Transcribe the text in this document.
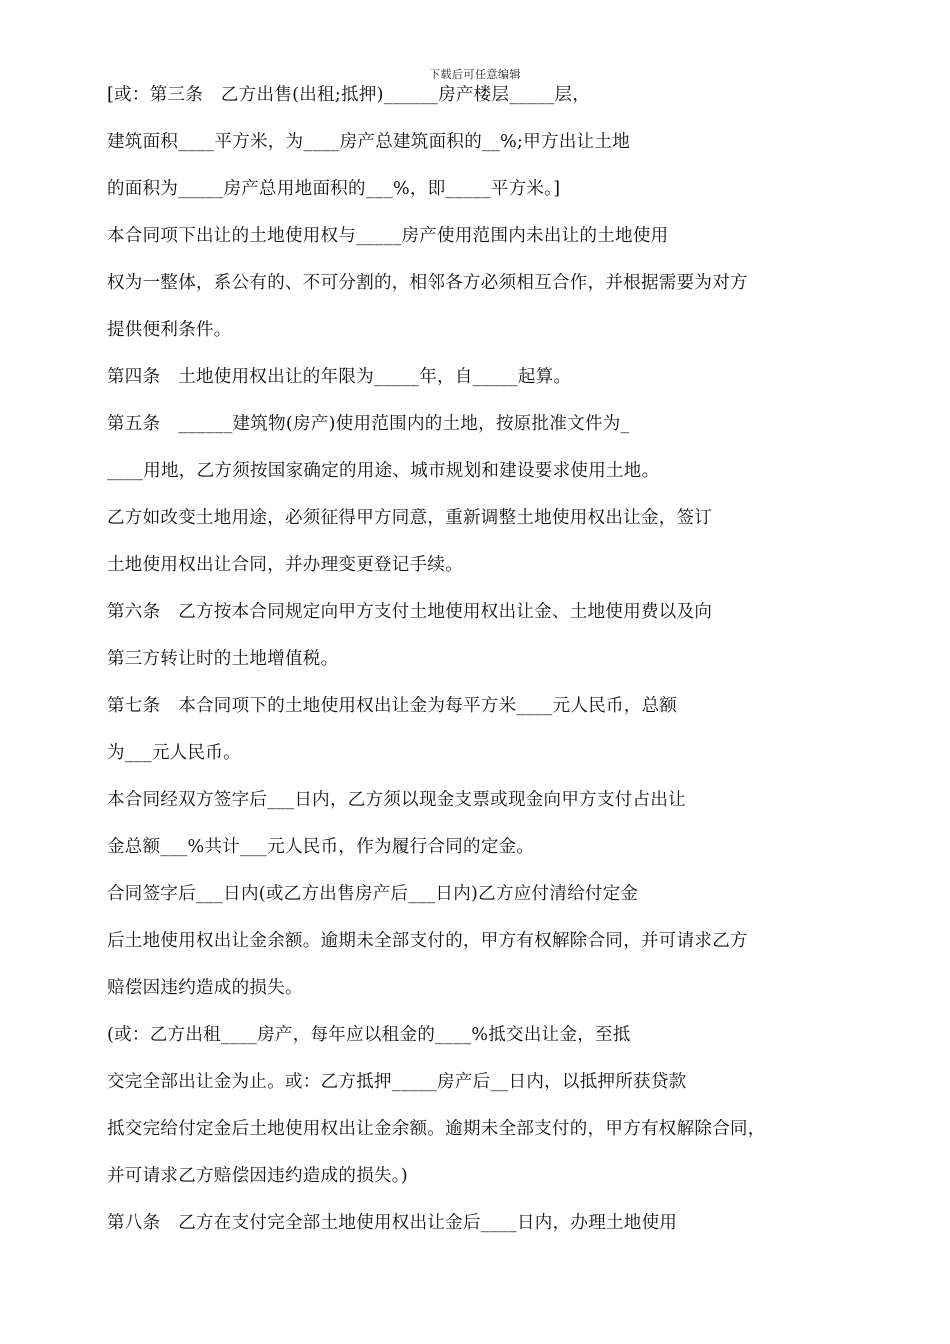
下载后可任意编辑
[或：第三条　乙方出售(出租;抵押)______房产楼层_____层，
建筑面积____平方米，为____房产总建筑面积的__%;甲方出让土地
的面积为_____房产总用地面积的___%，即_____平方米。]
本合同项下出让的土地使用权与_____房产使用范围内未出让的土地使用
权为一整体，系公有的、不可分割的，相邻各方必须相互合作，并根据需要为对方
提供便利条件。
第四条　土地使用权出让的年限为_____年，自_____起算。
第五条　______建筑物(房产)使用范围内的土地，按原批准文件为_
____用地，乙方须按国家确定的用途、城市规划和建设要求使用土地。
乙方如改变土地用途，必须征得甲方同意，重新调整土地使用权出让金，签订
土地使用权出让合同，并办理变更登记手续。
第六条　乙方按本合同规定向甲方支付土地使用权出让金、土地使用费以及向
第三方转让时的土地增值税。
第七条　本合同项下的土地使用权出让金为每平方米____元人民币，总额
为___元人民币。
本合同经双方签字后___日内，乙方须以现金支票或现金向甲方支付占出让
金总额___%共计___元人民币，作为履行合同的定金。
合同签字后___日内(或乙方出售房产后___日内)乙方应付清给付定金
后土地使用权出让金余额。逾期未全部支付的，甲方有权解除合同，并可请求乙方
赔偿因违约造成的损失。
(或：乙方出租____房产，每年应以租金的____%抵交出让金，至抵
交完全部出让金为止。或：乙方抵押_____房产后__日内，以抵押所获贷款
抵交完给付定金后土地使用权出让金余额。逾期未全部支付的，甲方有权解除合同，
并可请求乙方赔偿因违约造成的损失。)
第八条　乙方在支付完全部土地使用权出让金后____日内，办理土地使用
